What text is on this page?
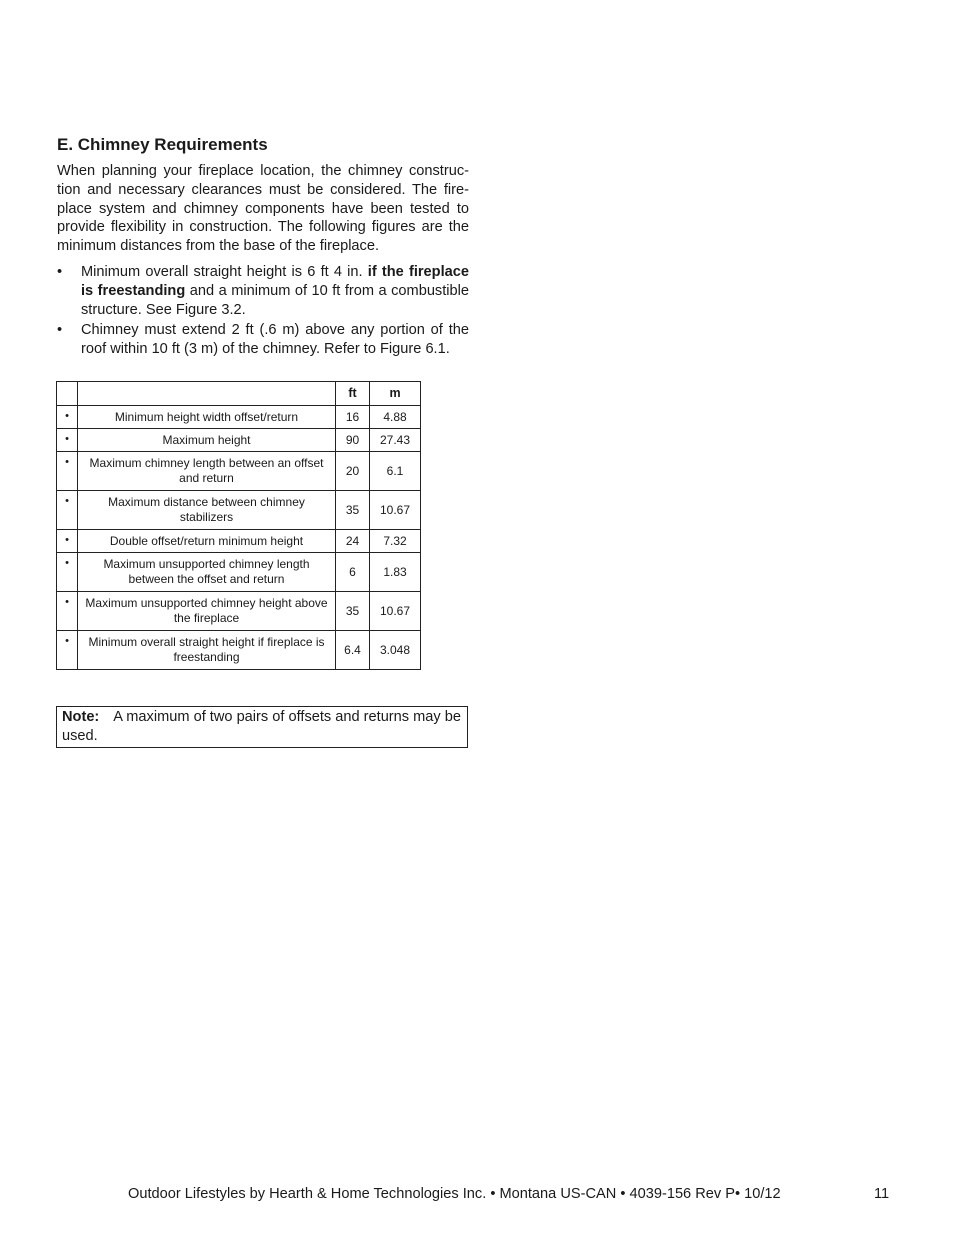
E. Chimney Requirements

When planning your fireplace location, the chimney construc-tion and necessary clearances must be considered. The fire-place system and chimney components have been tested to provide flexibility in construction. The following figures are the minimum distances from the base of the fireplace.

• Minimum overall straight height is 6 ft 4 in. if the fireplace is freestanding and a minimum of 10 ft from a combustible structure. See Figure 3.2.
• Chimney must extend 2 ft (.6 m) above any portion of the roof within 10 ft (3 m) of the chimney. Refer to Figure 6.1.
		ft	m
•	Minimum height width offset/return	16	4.88
•	Maximum height	90	27.43
•	Maximum chimney length between an offset and return	20	6.1
•	Maximum distance between chimney stabilizers	35	10.67
•	Double offset/return minimum height	24	7.32
•	Maximum unsupported chimney length between the offset and return	6	1.83
•	Maximum unsupported chimney height above the fireplace	35	10.67
•	Minimum overall straight height if fireplace is freestanding	6.4	3.048
Note: A maximum of two pairs of offsets and returns may be used.
Outdoor Lifestyles by Hearth & Home Technologies Inc. • Montana US-CAN • 4039-156 Rev P• 10/12	11
